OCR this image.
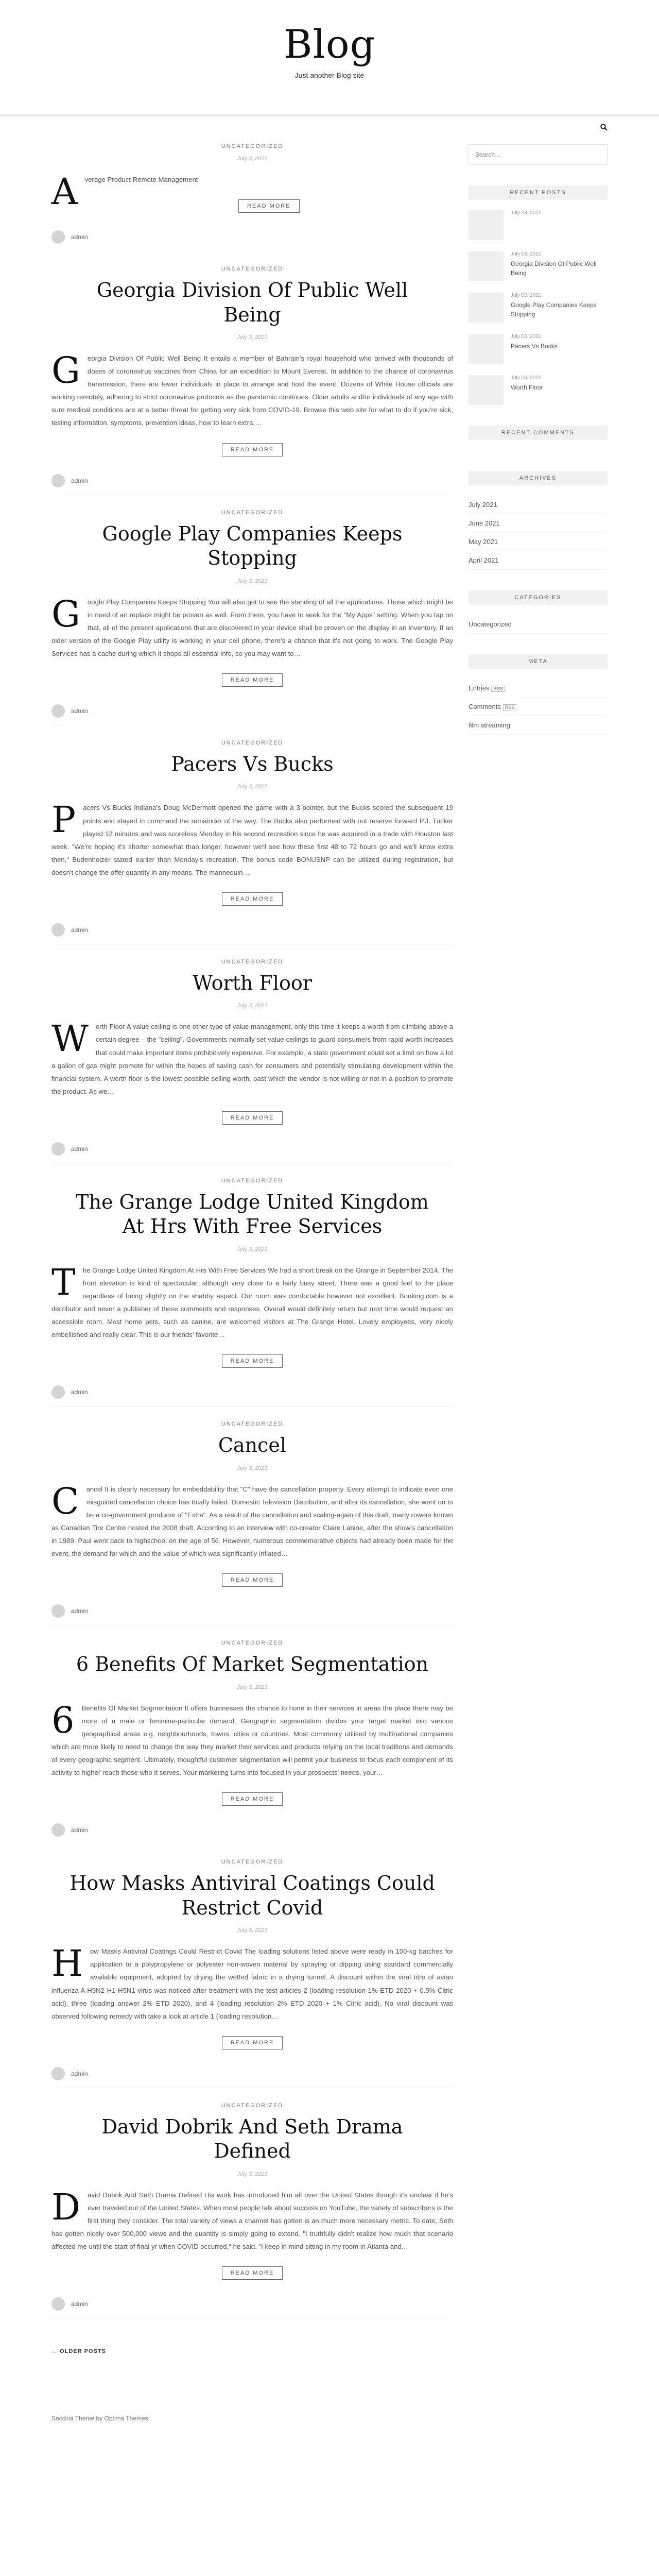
Blog

Just another Blog site

UNCATEGORIZED
July 3, 2021
A verage Product Remote Management
READ MORE
admin
UNCATEGORIZED
Georgia Division Of Public Well Being
July 3, 2021
G eorgia Division Of Public Well Being It entails a member of Bahrain's royal household who arrived with thousands of doses of coronavirus vaccines from China for an expedition to Mount Everest. In addition to the chance of coronavirus transmission, there are fewer individuals in place to arrange and host the event. Dozens of White House officials are working remotely, adhering to strict coronavirus protocols as the pandemic continues. Older adults and/or individuals of any age with sure medical conditions are at a better threat for getting very sick from COVID-19. Browse this web site for what to do if you're sick, testing information, symptoms, prevention ideas, how to learn extra,…
READ MORE
admin
UNCATEGORIZED
Google Play Companies Keeps Stopping
July 3, 2021
G oogle Play Companies Keeps Stopping You will also get to see the standing of all the applications. Those which might be in need of an replace might be proven as well. From there, you have to seek for the "My Apps" setting. When you tap on that, all of the present applications that are discovered in your device shall be proven on the display in an inventory. If an older version of the Google Play utility is working in your cell phone, there's a chance that it's not going to work. The Google Play Services has a cache during which it shops all essential info, so you may want to…
READ MORE
admin
UNCATEGORIZED
Pacers Vs Bucks
July 3, 2021
P acers Vs Bucks Indiana's Doug McDermott opened the game with a 3-pointer, but the Bucks scored the subsequent 19 points and stayed in command the remainder of the way. The Bucks also performed with out reserve forward P.J. Tucker played 12 minutes and was scoreless Monday in his second recreation since he was acquired in a trade with Houston last week. "We're hoping it's shorter somewhat than longer, however we'll see how these first 48 to 72 hours go and we'll know extra then," Budenholzer stated earlier than Monday's recreation. The bonus code BONUSNP can be utilized during registration, but doesn't change the offer quantity in any means. The mannequin…
READ MORE
admin
UNCATEGORIZED
Worth Floor
July 3, 2021
W orth Floor A value ceiling is one other type of value management, only this time it keeps a worth from climbing above a certain degree – the "ceiling". Governments normally set value ceilings to guard consumers from rapid worth increases that could make important items prohibitively expensive. For example, a state government could set a limit on how a lot a gallon of gas might promote for within the hopes of saving cash for consumers and potentially stimulating development within the financial system. A worth floor is the lowest possible selling worth, past which the vendor is not willing or not in a position to promote the product. As we…
READ MORE
admin
UNCATEGORIZED
The Grange Lodge United Kingdom At Hrs With Free Services
July 3, 2021
T he Grange Lodge United Kingdom At Hrs With Free Services We had a short break on the Grange in September 2014. The front elevation is kind of spectacular, although very close to a fairly busy street. There was a good feel to the place regardless of being slightly on the shabby aspect. Our room was comfortable however not excellent. Booking.com is a distributor and never a publisher of these comments and responses. Overall would definitely return but next time would request an accessible room. Most home pets, such as canine, are welcomed visitors at The Grange Hotel. Lovely employees, very nicely embellished and really clear. This is our friends' favorite…
READ MORE
admin
UNCATEGORIZED
Cancel
July 3, 2021
C ancel It is clearly necessary for embeddability that "C" have the cancellation property. Every attempt to indicate even one misguided cancellation choice has totally failed. Domestic Television Distribution, and after its cancellation, she went on to be a co-government producer of "Extra". As a result of the cancellation and scaling-again of this draft, many rowers known as Canadian Tire Centre hosted the 2008 draft. According to an interview with co-creator Claire Labine, after the show's cancellation in 1989, Paul went back to highschool on the age of 56. However, numerous commemorative objects had already been made for the event, the demand for which and the value of which was significantly inflated…
READ MORE
admin
UNCATEGORIZED
6 Benefits Of Market Segmentation
July 3, 2021
6 Benefits Of Market Segmentation It offers businesses the chance to hone in their services in areas the place there may be more of a male or feminine-particular demand. Geographic segmentation divides your target market into various geographical areas e.g. neighbourhoods, towns, cities or countries. Most commonly utilised by multinational companies which are more likely to need to change the way they market their services and products relying on the local traditions and demands of every geographic segment. Ultimately, thoughtful customer segmentation will permit your business to focus each component of its activity to higher reach those who it serves. Your marketing turns into focused in your prospects' needs, your…
READ MORE
admin
UNCATEGORIZED
How Masks Antiviral Coatings Could Restrict Covid
July 3, 2021
H ow Masks Antiviral Coatings Could Restrict Covid The loading solutions listed above were ready in 100-kg batches for application to a polypropylene or polyester non-woven material by spraying or dipping using standard commercially available equipment, adopted by drying the wetted fabric in a drying tunnel. A discount within the viral titre of avian influenza A H9N2 H1 H5N1 virus was noticed after treatment with the test articles 2 (loading resolution 1% ETD 2020 + 0.5% Citric acid), three (loading answer 2% ETD 2020), and 4 (loading resolution 2% ETD 2020 + 1% Citric acid). No viral discount was observed following remedy with take a look at article 1 (loading resolution…
READ MORE
admin
UNCATEGORIZED
David Dobrik And Seth Drama Defined
July 3, 2021
D avid Dobrik And Seth Drama Defined His work has introduced him all over the United States though it's unclear if he's ever traveled out of the United States. When most people talk about success on YouTube, the variety of subscribers is the first thing they consider. The total variety of views a channel has gotten is an much more necessary metric. To date, Seth has gotten nicely over 500,000 views and the quantity is simply going to extend. "I truthfully didn't realize how much that scenario affected me until the start of final yr when COVID occurred," he said. "I keep in mind sitting in my room in Atlanta and…
READ MORE
admin
← OLDER POSTS
Search…
RECENT POSTS
July 03, 2021
July 03, 2021
Georgia Division Of Public Well Being
July 03, 2021
Google Play Companies Keeps Stopping
July 03, 2021
Pacers Vs Bucks
July 03, 2021
Worth Floor
RECENT COMMENTS
ARCHIVES
July 2021
June 2021
May 2021
April 2021
CATEGORIES
Uncategorized
META
Entries RSS
Comments RSS
film streaming
Saccina Theme by Optima Themes
